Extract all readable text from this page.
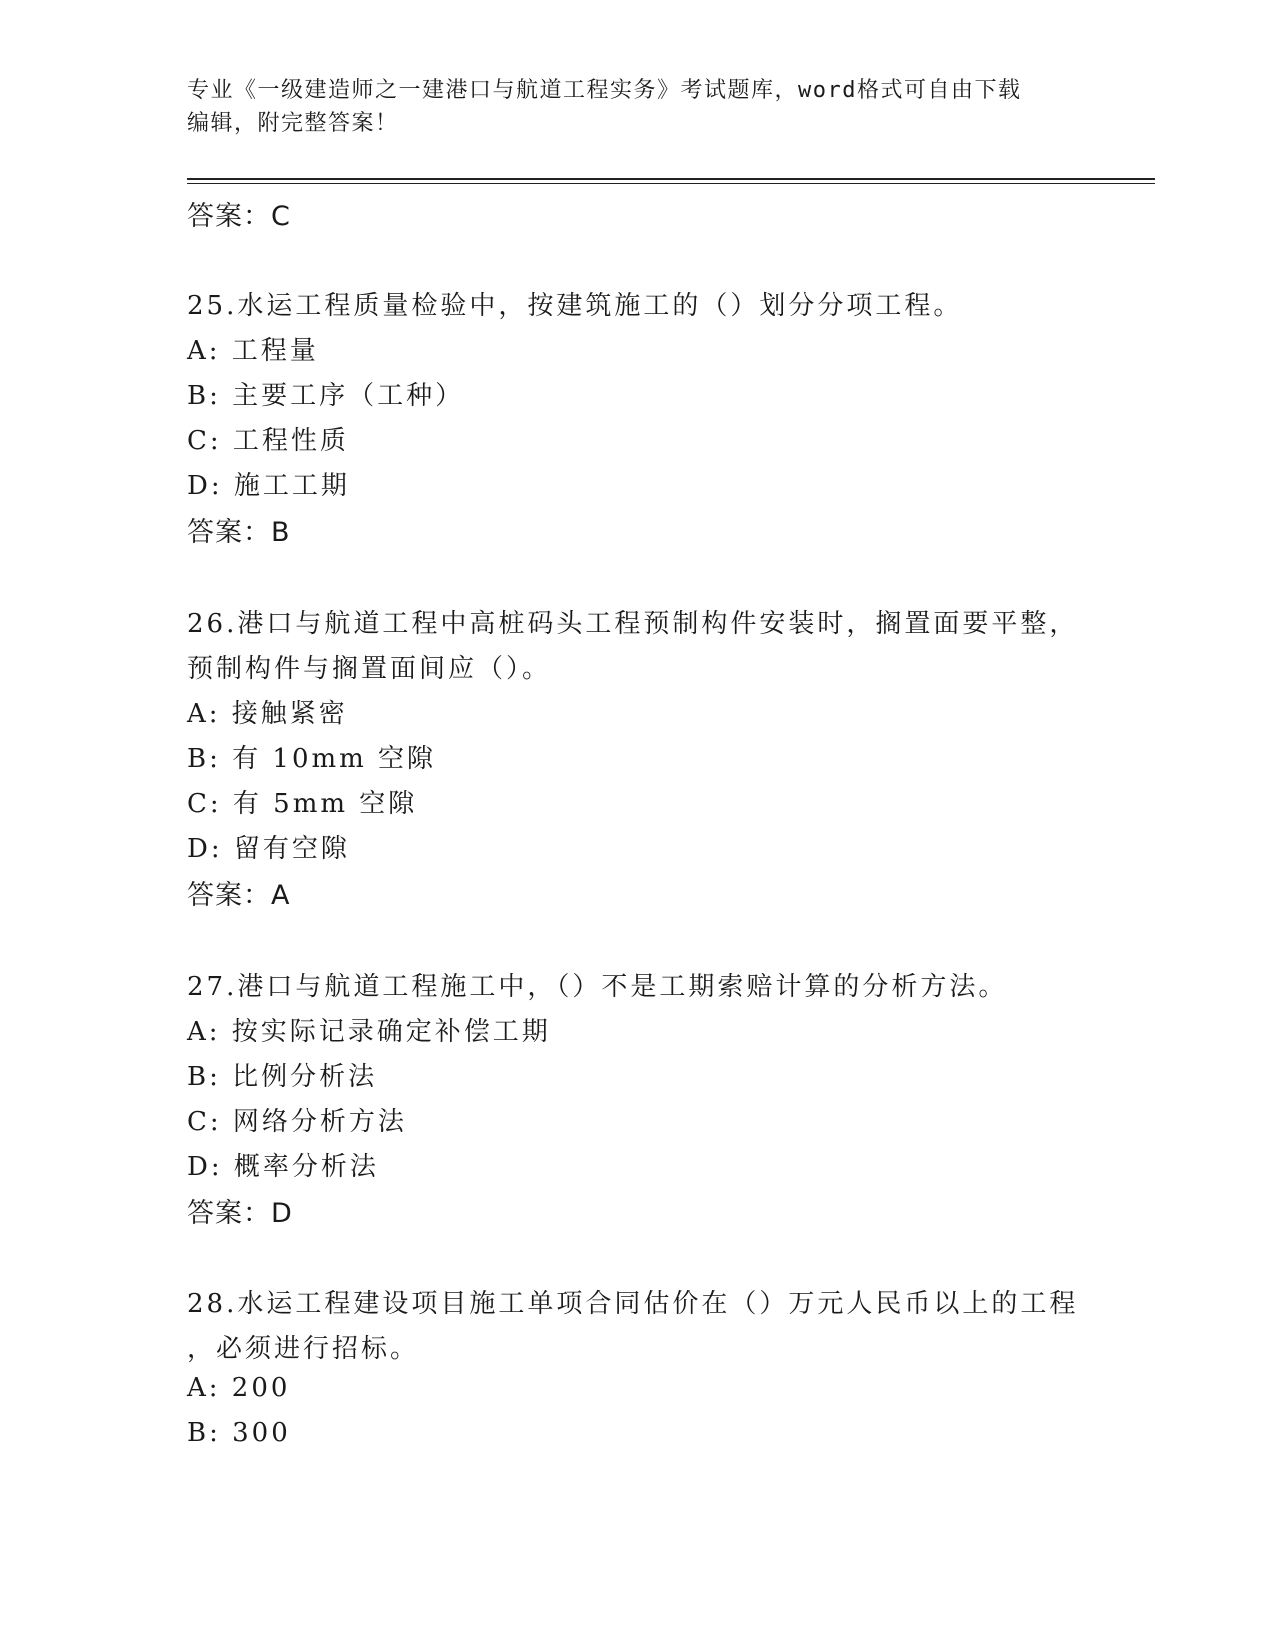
专业《一级建造师之一建港口与航道工程实务》考试题库，word格式可自由下载
编辑，附完整答案！
答案：C
25.水运工程质量检验中，按建筑施工的（）划分分项工程。
A: 工程量
B: 主要工序（工种）
C: 工程性质
D: 施工工期
答案：B
26.港口与航道工程中高桩码头工程预制构件安装时，搁置面要平整，
预制构件与搁置面间应（）。
A: 接触紧密
B: 有 10mm 空隙
C: 有 5mm 空隙
D: 留有空隙
答案：A
27.港口与航道工程施工中，（）不是工期索赔计算的分析方法。
A: 按实际记录确定补偿工期
B: 比例分析法
C: 网络分析方法
D: 概率分析法
答案：D
28.水运工程建设项目施工单项合同估价在（）万元人民币以上的工程
，必须进行招标。
A: 200
B: 300
